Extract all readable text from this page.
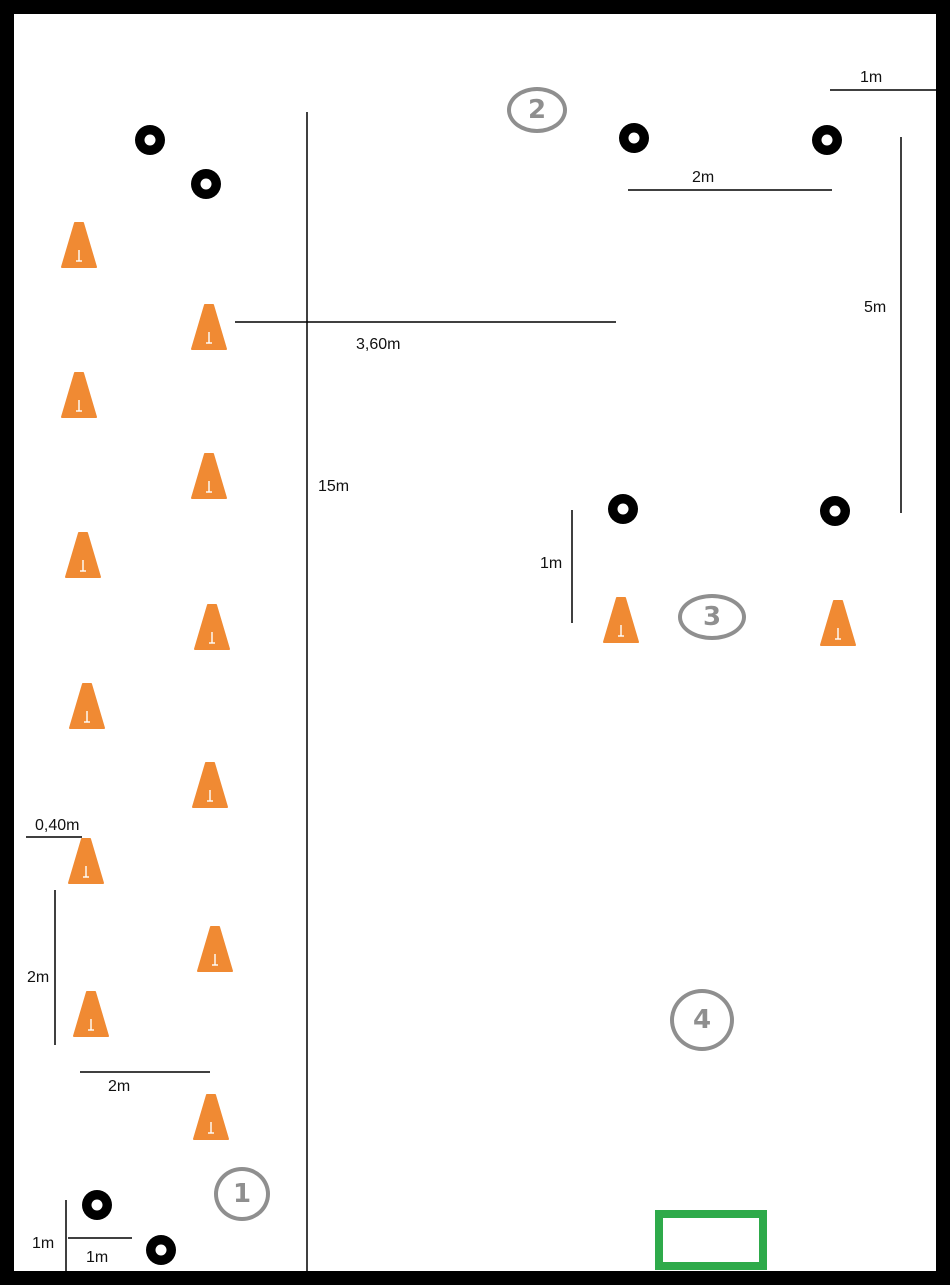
2
3
4
1
1m
2m
3,60m
15m
5m
1m
0,40m
2m
2m
1m
1m
